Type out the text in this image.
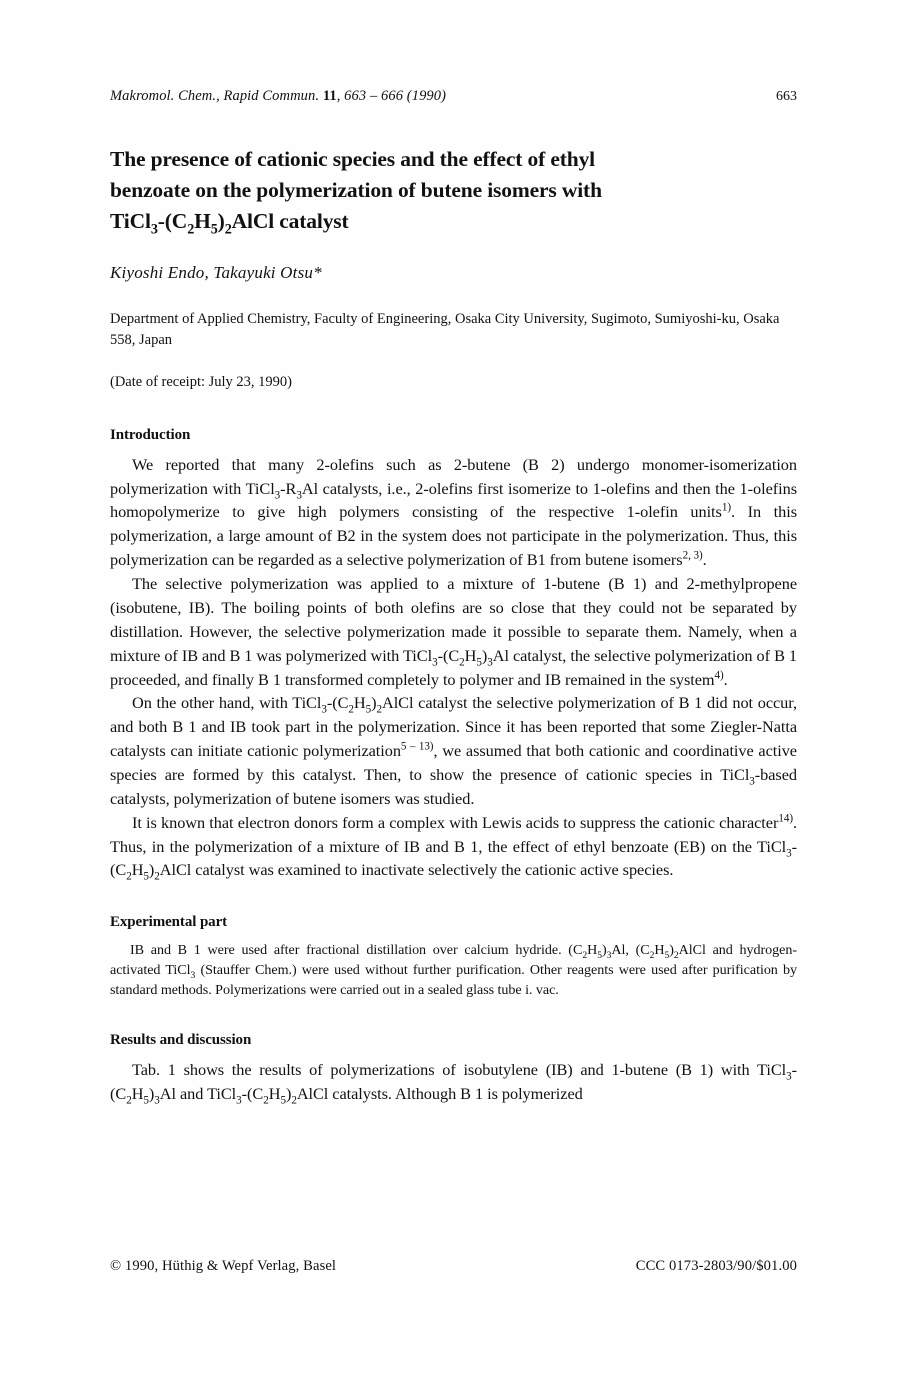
Makromol. Chem., Rapid Commun. 11, 663 – 666 (1990)	663
The presence of cationic species and the effect of ethyl
benzoate on the polymerization of butene isomers with
$TiCl_3-(C_2H_5)_2AlCl$ catalyst
Kiyoshi Endo, Takayuki Otsu*
Department of Applied Chemistry, Faculty of Engineering, Osaka City University, Sugimoto, Sumiyoshi-ku, Osaka 558, Japan
(Date of receipt: July 23, 1990)
Introduction

We reported that many 2-olefins such as 2-butene (B 2) undergo monomer-isomerization polymerization with $TiCl_3-R_3Al$ catalysts, i.e., 2-olefins first isomerize to 1-olefins and then the 1-olefins homopolymerize to give high polymers consisting of the respective 1-olefin units$^{1)}$. In this polymerization, a large amount of B2 in the system does not participate in the polymerization. Thus, this polymerization can be regarded as a selective polymerization of B1 from butene isomers$^{2, 3)}$.

The selective polymerization was applied to a mixture of 1-butene (B 1) and 2-methylpropene (isobutene, IB). The boiling points of both olefins are so close that they could not be separated by distillation. However, the selective polymerization made it possible to separate them. Namely, when a mixture of IB and B 1 was polymerized with $TiCl_3-(C_2H_5)_3Al$ catalyst, the selective polymerization of B 1 proceeded, and finally B 1 transformed completely to polymer and IB remained in the system$^{4)}$.

On the other hand, with $TiCl_3-(C_2H_5)_2AlCl$ catalyst the selective polymerization of B 1 did not occur, and both B 1 and IB took part in the polymerization. Since it has been reported that some Ziegler-Natta catalysts can initiate cationic polymerization$^{5 - 13)}$, we assumed that both cationic and coordinative active species are formed by this catalyst. Then, to show the presence of cationic species in TiCl$_3$-based catalysts, polymerization of butene isomers was studied.

It is known that electron donors form a complex with Lewis acids to suppress the cationic character$^{14)}$. Thus, in the polymerization of a mixture of IB and B 1, the effect of ethyl benzoate (EB) on the $TiCl_3-(C_2H_5)_2AlCl$ catalyst was examined to inactivate selectively the cationic active species.

Experimental part

IB and B 1 were used after fractional distillation over calcium hydride. $(C_2H_5)_3Al$, $(C_2H_5)_2AlCl$ and hydrogen-activated TiCl$_3$ (Stauffer Chem.) were used without further purification. Other reagents were used after purification by standard methods. Polymerizations were carried out in a sealed glass tube i. vac.

Results and discussion

Tab. 1 shows the results of polymerizations of isobutylene (IB) and 1-butene (B 1) with $TiCl_3-(C_2H_5)_3Al$ and $TiCl_3-(C_2H_5)_2AlCl$ catalysts. Although B 1 is polymerized

© 1990, Hüthig & Wepf Verlag, Basel	CCC 0173-2803/90/$01.00
